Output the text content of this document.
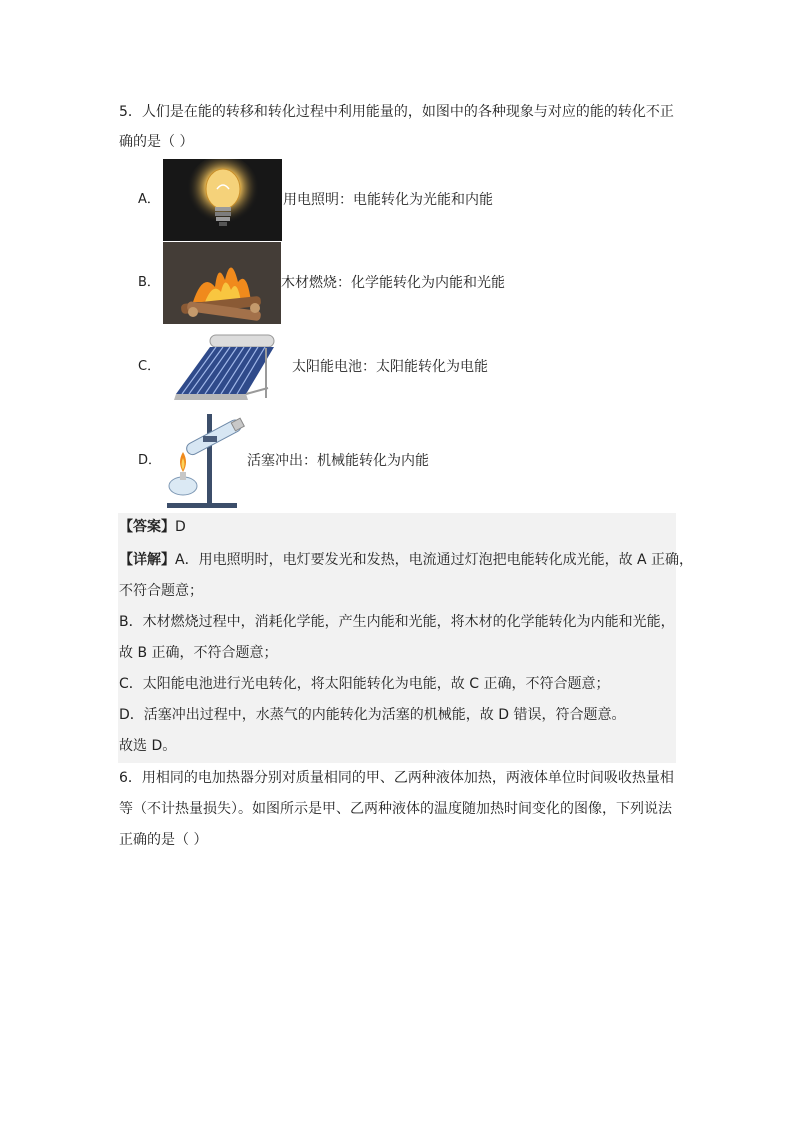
5．人们是在能的转移和转化过程中利用能量的，如图中的各种现象与对应的能的转化不正
确的是（ ）
A．	用电照明：电能转化为光能和内能
B．	木材燃烧：化学能转化为内能和光能
C．	太阳能电池：太阳能转化为电能
D．	活塞冲出：机械能转化为内能
【答案】D
【详解】A．用电照明时，电灯要发光和发热，电流通过灯泡把电能转化成光能，故 A 正确，
不符合题意；
B．木材燃烧过程中，消耗化学能，产生内能和光能，将木材的化学能转化为内能和光能，
故 B 正确，不符合题意；
C．太阳能电池进行光电转化，将太阳能转化为电能，故 C 正确，不符合题意；
D．活塞冲出过程中，水蒸气的内能转化为活塞的机械能，故 D 错误，符合题意。
故选 D。
6．用相同的电加热器分别对质量相同的甲、乙两种液体加热，两液体单位时间吸收热量相
等（不计热量损失）。如图所示是甲、乙两种液体的温度随加热时间变化的图像，下列说法
正确的是（ ）
